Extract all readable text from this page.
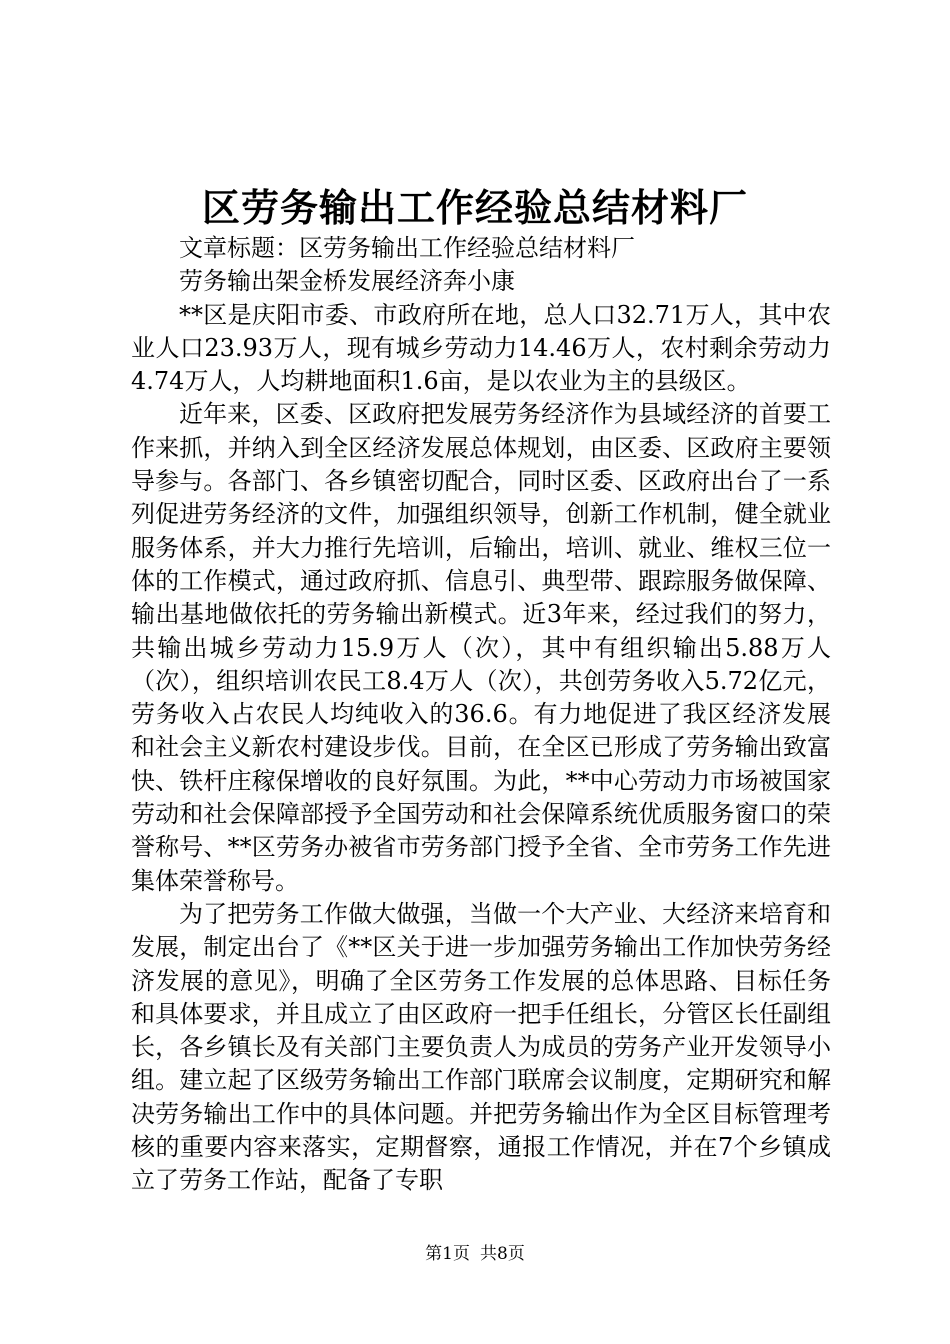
区劳务输出工作经验总结材料厂

文章标题：区劳务输出工作经验总结材料厂

劳务输出架金桥发展经济奔小康

**区是庆阳市委、市政府所在地，总人口32.71万人，其中农业人口23.93万人，现有城乡劳动力14.46万人，农村剩余劳动力4.74万人，人均耕地面积1.6亩，是以农业为主的县级区。

近年来，区委、区政府把发展劳务经济作为县域经济的首要工作来抓，并纳入到全区经济发展总体规划，由区委、区政府主要领导参与。各部门、各乡镇密切配合，同时区委、区政府出台了一系列促进劳务经济的文件，加强组织领导，创新工作机制，健全就业服务体系，并大力推行先培训，后输出，培训、就业、维权三位一体的工作模式，通过政府抓、信息引、典型带、跟踪服务做保障、输出基地做依托的劳务输出新模式。近3年来，经过我们的努力，共输出城乡劳动力15.9万人（次），其中有组织输出5.88万人（次），组织培训农民工8.4万人（次），共创劳务收入5.72亿元，劳务收入占农民人均纯收入的36.6。有力地促进了我区经济发展和社会主义新农村建设步伐。目前，在全区已形成了劳务输出致富快、铁杆庄稼保增收的良好氛围。为此，**中心劳动力市场被国家劳动和社会保障部授予全国劳动和社会保障系统优质服务窗口的荣誉称号、**区劳务办被省市劳务部门授予全省、全市劳务工作先进集体荣誉称号。

为了把劳务工作做大做强，当做一个大产业、大经济来培育和发展，制定出台了《**区关于进一步加强劳务输出工作加快劳务经济发展的意见》，明确了全区劳务工作发展的总体思路、目标任务和具体要求，并且成立了由区政府一把手任组长，分管区长任副组长，各乡镇长及有关部门主要负责人为成员的劳务产业开发领导小组。建立起了区级劳务输出工作部门联席会议制度，定期研究和解决劳务输出工作中的具体问题。并把劳务输出作为全区目标管理考核的重要内容来落实，定期督察，通报工作情况，并在7个乡镇成立了劳务工作站，配备了专职

第1页 共8页
